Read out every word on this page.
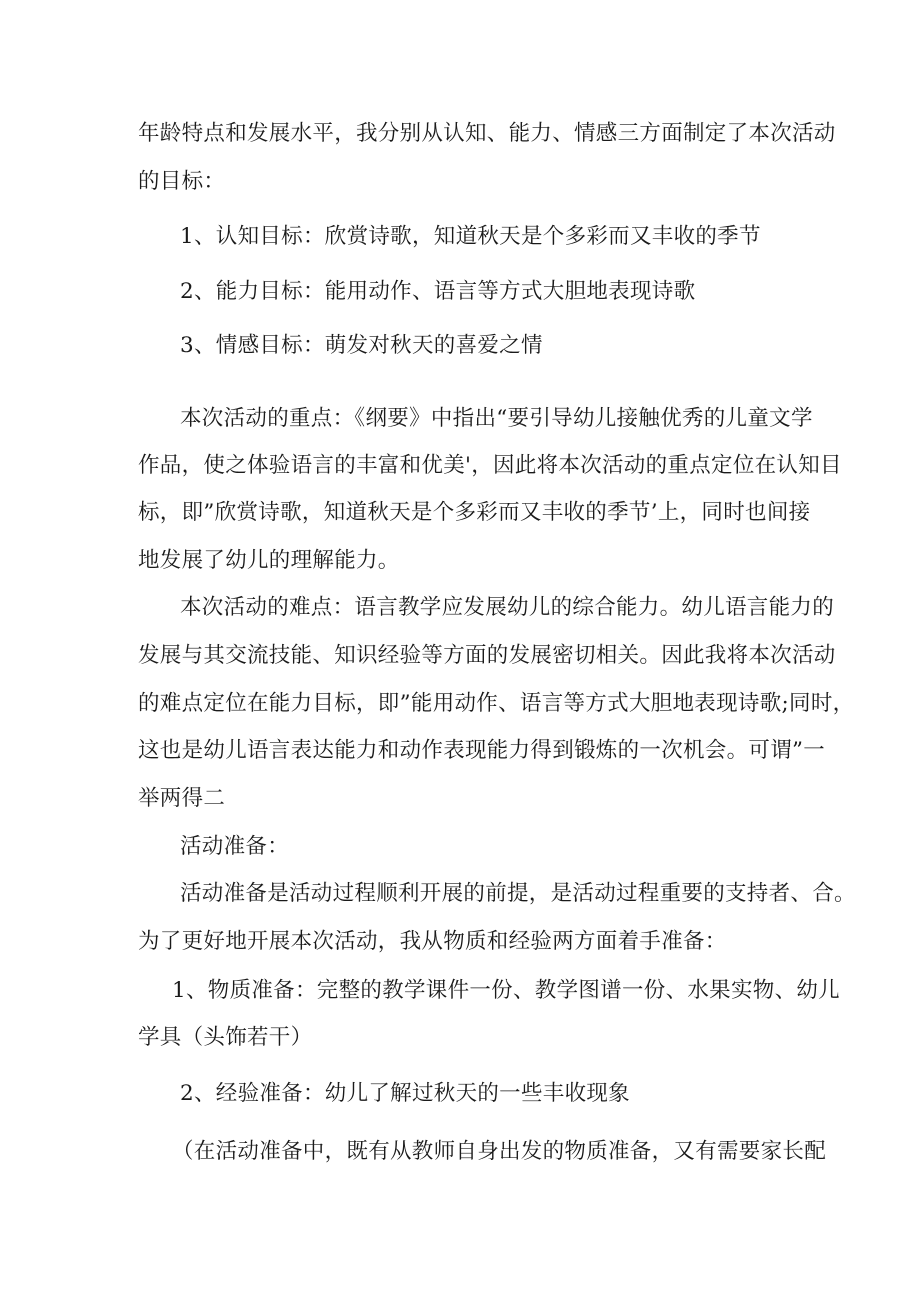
年龄特点和发展水平，我分别从认知、能力、情感三方面制定了本次活动
的目标：
1、认知目标：欣赏诗歌，知道秋天是个多彩而又丰收的季节
2、能力目标：能用动作、语言等方式大胆地表现诗歌
3、情感目标：萌发对秋天的喜爱之情
本次活动的重点：《纲要》中指出“要引导幼儿接触优秀的儿童文学
作品，使之体验语言的丰富和优美'，因此将本次活动的重点定位在认知目
标，即”欣赏诗歌，知道秋天是个多彩而又丰收的季节’上，同时也间接
地发展了幼儿的理解能力。
本次活动的难点：语言教学应发展幼儿的综合能力。幼儿语言能力的
发展与其交流技能、知识经验等方面的发展密切相关。因此我将本次活动
的难点定位在能力目标，即”能用动作、语言等方式大胆地表现诗歌;同时，
这也是幼儿语言表达能力和动作表现能力得到锻炼的一次机会。可谓”一
举两得二
活动准备：
活动准备是活动过程顺利开展的前提，是活动过程重要的支持者、合。
为了更好地开展本次活动，我从物质和经验两方面着手准备：
1、物质准备：完整的教学课件一份、教学图谱一份、水果实物、幼儿
学具（头饰若干）
2、经验准备：幼儿了解过秋天的一些丰收现象
（在活动准备中，既有从教师自身出发的物质准备，又有需要家长配
